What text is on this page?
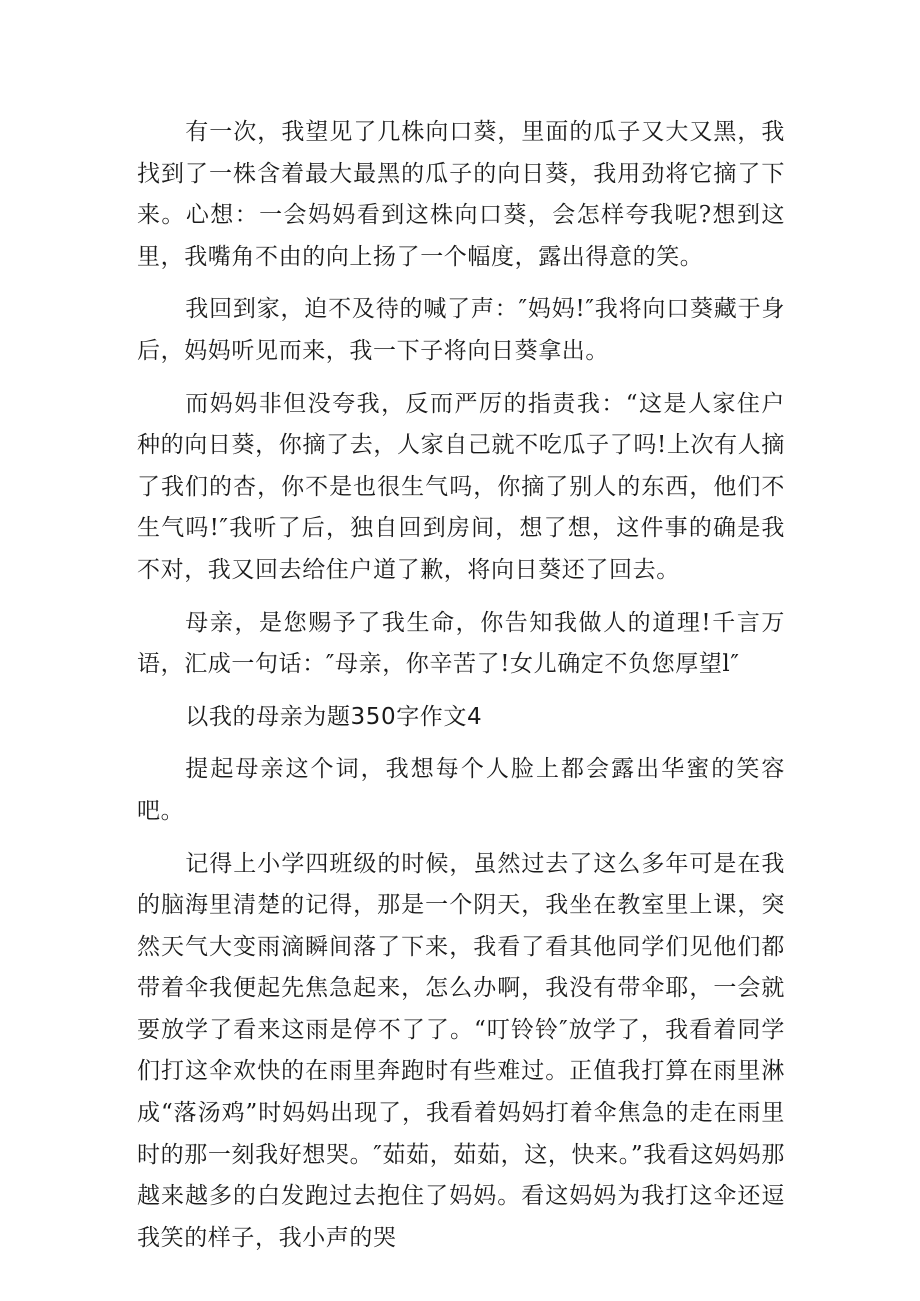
有一次，我望见了几株向口葵，里面的瓜子又大又黑，我找到了一株含着最大最黑的瓜子的向日葵，我用劲将它摘了下来。心想：一会妈妈看到这株向口葵，会怎样夸我呢?想到这里，我嘴角不由的向上扬了一个幅度，露出得意的笑。

我回到家，迫不及待的喊了声：″妈妈!″我将向口葵藏于身后，妈妈听见而来，我一下子将向日葵拿出。

而妈妈非但没夸我，反而严厉的指责我：“这是人家住户种的向日葵，你摘了去，人家自己就不吃瓜子了吗!上次有人摘了我们的杏，你不是也很生气吗，你摘了别人的东西，他们不生气吗!″我听了后，独自回到房间，想了想，这件事的确是我不对，我又回去给住户道了歉，将向日葵还了回去。

母亲，是您赐予了我生命，你告知我做人的道理!千言万语，汇成一句话：″母亲，你辛苦了!女儿确定不负您厚望l″

以我的母亲为题350字作文4

提起母亲这个词，我想每个人脸上都会露出华蜜的笑容吧。

记得上小学四班级的时候，虽然过去了这么多年可是在我的脑海里清楚的记得，那是一个阴天，我坐在教室里上课，突然天气大变雨滴瞬间落了下来，我看了看其他同学们见他们都带着伞我便起先焦急起来，怎么办啊，我没有带伞耶，一会就要放学了看来这雨是停不了了。“叮铃铃″放学了，我看着同学们打这伞欢快的在雨里奔跑时有些难过。正值我打算在雨里淋成“落汤鸡”时妈妈出现了，我看着妈妈打着伞焦急的走在雨里时的那一刻我好想哭。″茹茹，茹茹，这，快来。”我看这妈妈那越来越多的白发跑过去抱住了妈妈。看这妈妈为我打这伞还逗我笑的样子，我小声的哭
